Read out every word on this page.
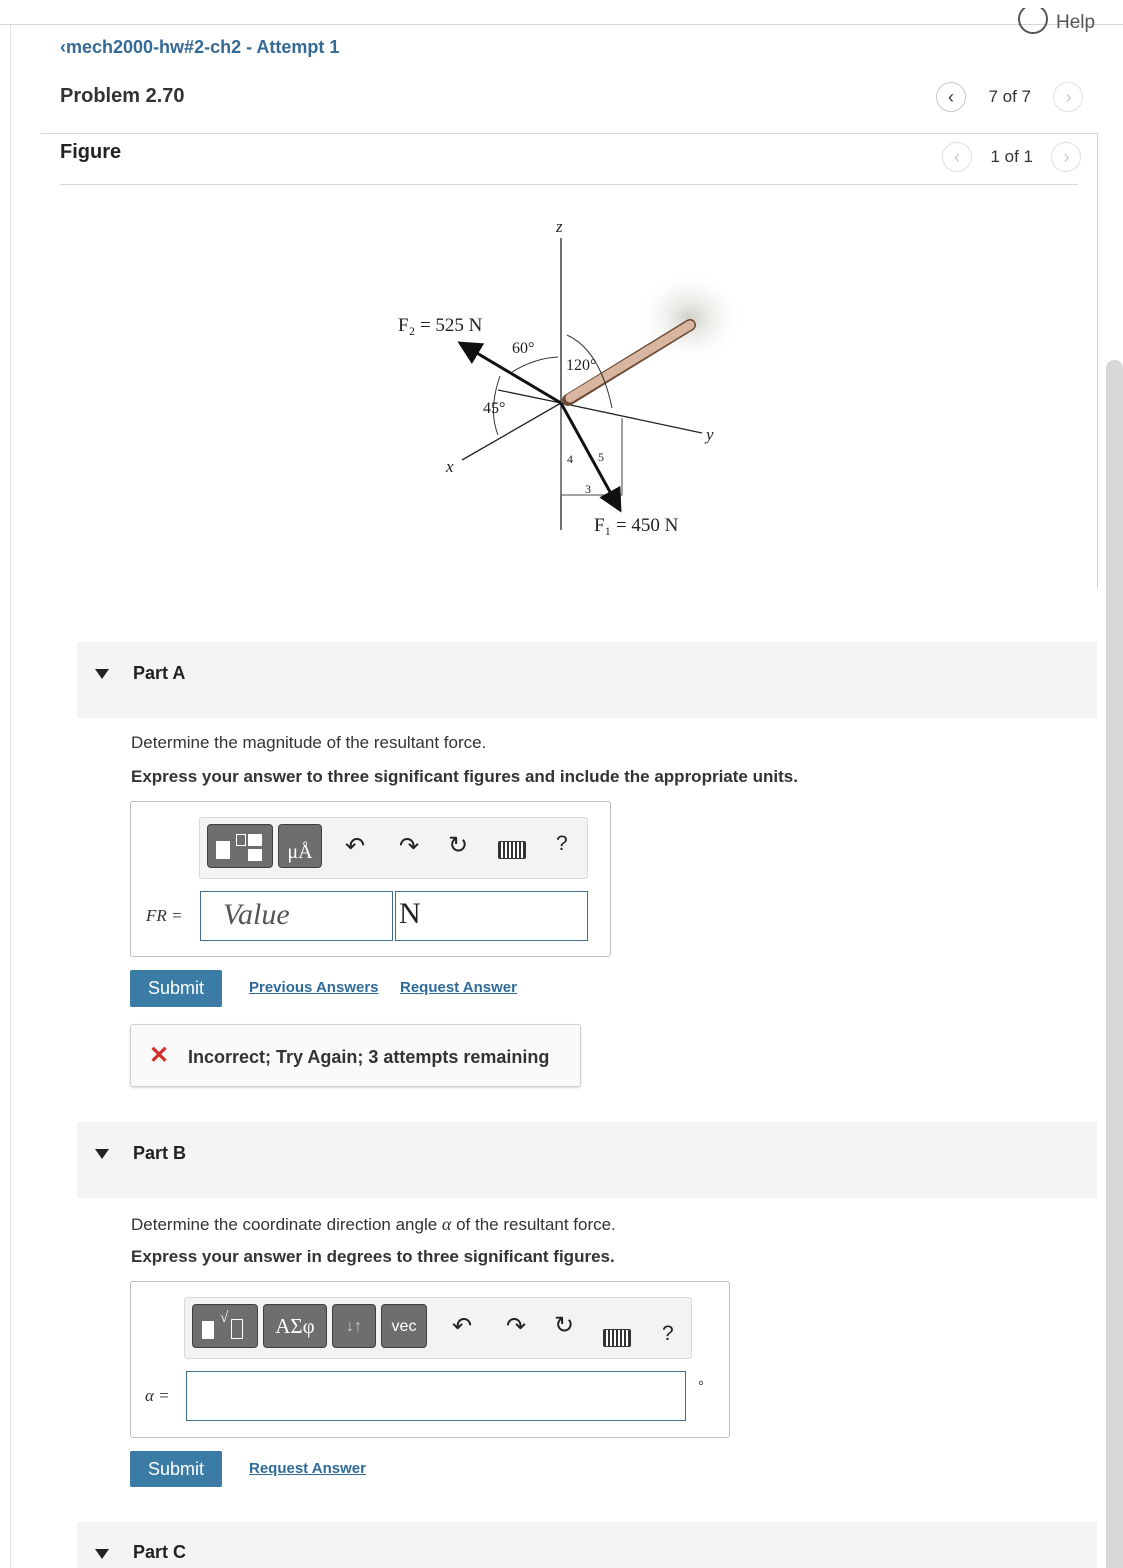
Help
‹mech2000-hw#2-ch2 - Attempt 1
Problem 2.70	‹ 7 of 7 ›
Figure	‹ 1 of 1 ›
z
y
x
F₂ = 525 N
F₁ = 450 N
60°
120°
45°
4 5
3
Part A
Determine the magnitude of the resultant force.
Express your answer to three significant figures and include the appropriate units.
μÅ	↶ ↷ ↻	?
FR = Value	N
Submit	Previous Answers Request Answer
✕ Incorrect; Try Again; 3 attempts remaining
Part B
Determine the coordinate direction angle α of the resultant force.
Express your answer in degrees to three significant figures.
√	ΑΣφ	↓↑	vec	↶ ↷ ↻	?
α =	°
Submit	Request Answer
Part C
